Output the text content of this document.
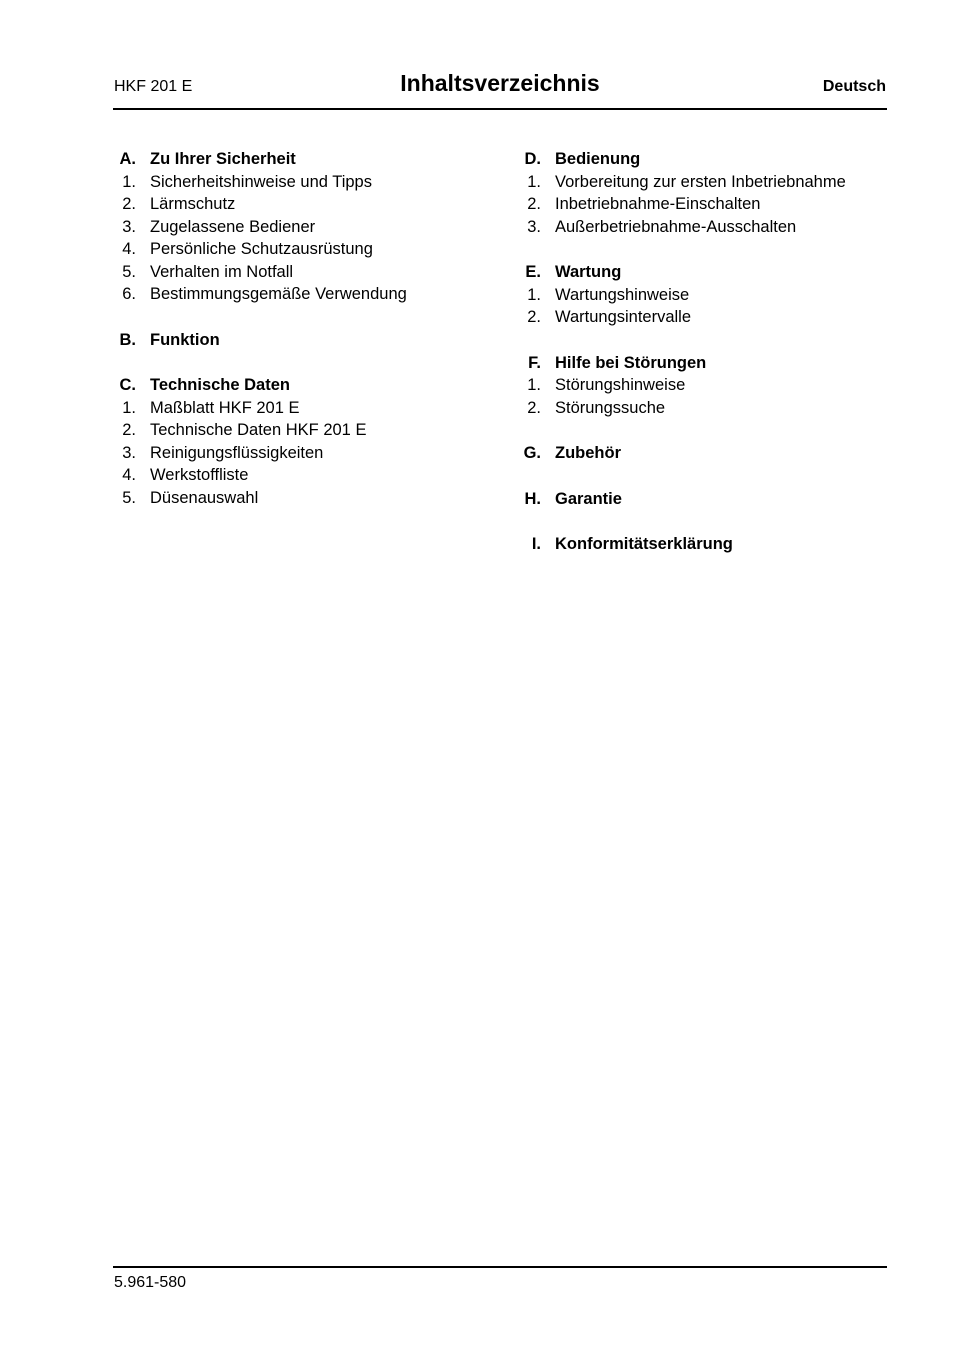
HKF 201 E	Inhaltsverzeichnis	Deutsch
A. Zu Ihrer Sicherheit
1. Sicherheitshinweise und Tipps
2. Lärmschutz
3. Zugelassene Bediener
4. Persönliche Schutzausrüstung
5. Verhalten im Notfall
6. Bestimmungsgemäße Verwendung
B. Funktion
C. Technische Daten
1. Maßblatt HKF 201 E
2. Technische Daten HKF 201 E
3. Reinigungsflüssigkeiten
4. Werkstoffliste
5. Düsenauswahl
D. Bedienung
1. Vorbereitung zur ersten Inbetriebnahme
2. Inbetriebnahme-Einschalten
3. Außerbetriebnahme-Ausschalten
E. Wartung
1. Wartungshinweise
2. Wartungsintervalle
F. Hilfe bei Störungen
1. Störungshinweise
2. Störungssuche
G. Zubehör
H. Garantie
I. Konformitätserklärung
5.961-580
